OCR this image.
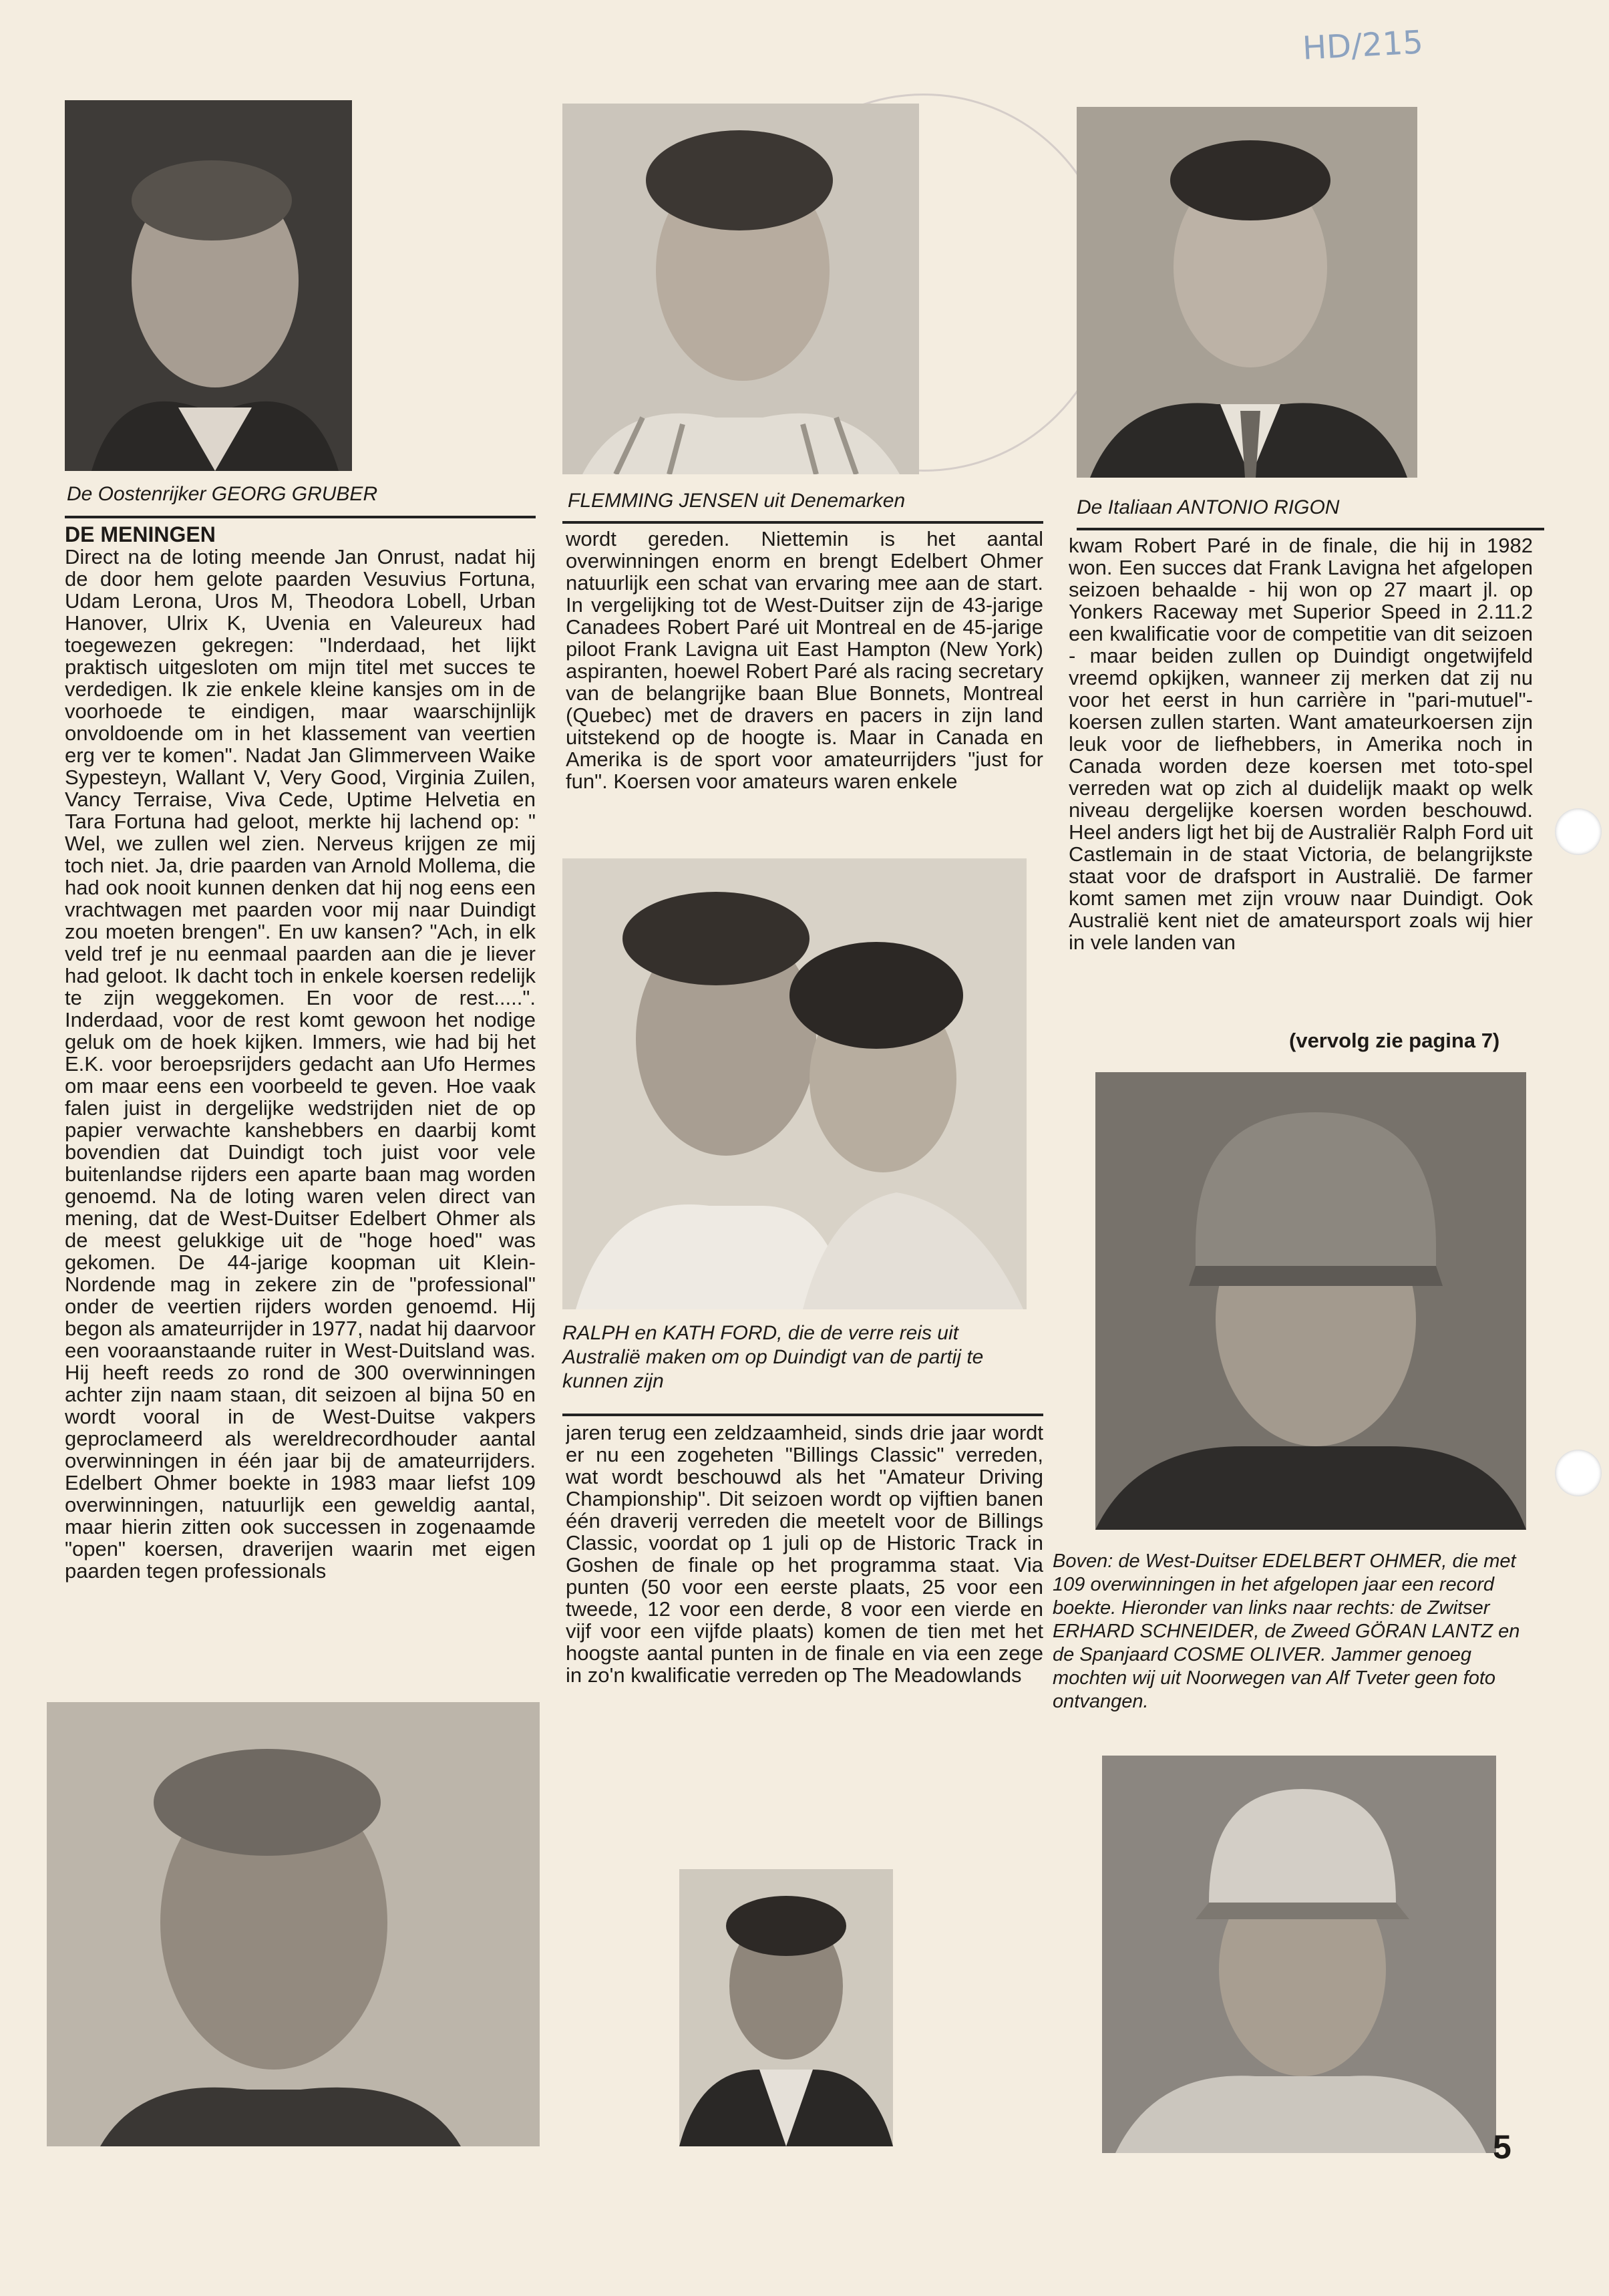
HD/215
De Oostenrijker GEORG GRUBER	FLEMMING JENSEN uit Denemarken	De Italiaan ANTONIO RIGON

DE MENINGEN

Direct na de loting meende Jan Onrust, nadat hij de door hem gelote paarden Vesuvius Fortuna, Udam Lerona, Uros M, Theodora Lobell, Urban Hanover, Ulrix K, Uvenia en Valeureux had toegewezen gekregen: "Inderdaad, het lijkt praktisch uitgesloten om mijn titel met succes te verdedigen. Ik zie enkele kleine kansjes om in de voorhoede te eindigen, maar waarschijnlijk onvoldoende om in het klassement van veertien erg ver te komen". Nadat Jan Glimmerveen Waike Sypesteyn, Wallant V, Very Good, Virginia Zuilen, Vancy Terraise, Viva Cede, Uptime Helvetia en Tara Fortuna had geloot, merkte hij lachend op: " Wel, we zullen wel zien. Nerveus krijgen ze mij toch niet. Ja, drie paarden van Arnold Mollema, die had ook nooit kunnen denken dat hij nog eens een vrachtwagen met paarden voor mij naar Duindigt zou moeten brengen". En uw kansen? "Ach, in elk veld tref je nu eenmaal paarden aan die je liever had geloot. Ik dacht toch in enkele koersen redelijk te zijn weggekomen. En voor de rest.....". Inderdaad, voor de rest komt gewoon het nodige geluk om de hoek kijken. Immers, wie had bij het E.K. voor beroepsrijders gedacht aan Ufo Hermes om maar eens een voorbeeld te geven. Hoe vaak falen juist in dergelijke wedstrijden niet de op papier verwachte kanshebbers en daarbij komt bovendien dat Duindigt toch juist voor vele buitenlandse rijders een aparte baan mag worden genoemd. Na de loting waren velen direct van mening, dat de West-Duitser Edelbert Ohmer als de meest gelukkige uit de "hoge hoed" was gekomen. De 44-jarige koopman uit Klein-Nordende mag in zekere zin de "professional" onder de veertien rijders worden genoemd. Hij begon als amateurrijder in 1977, nadat hij daarvoor een vooraanstaande ruiter in West-Duitsland was. Hij heeft reeds zo rond de 300 overwinningen achter zijn naam staan, dit seizoen al bijna 50 en wordt vooral in de West-Duitse vakpers geproclameerd als wereldrecordhouder aantal overwinningen in één jaar bij de amateurrijders. Edelbert Ohmer boekte in 1983 maar liefst 109 overwinningen, natuurlijk een geweldig aantal, maar hierin zitten ook successen in zogenaamde "open" koersen, draverijen waarin met eigen paarden tegen professionals

wordt gereden. Niettemin is het aantal overwinningen enorm en brengt Edelbert Ohmer natuurlijk een schat van ervaring mee aan de start. In vergelijking tot de West-Duitser zijn de 43-jarige Canadees Robert Paré uit Montreal en de 45-jarige piloot Frank Lavigna uit East Hampton (New York) aspiranten, hoewel Robert Paré als racing secretary van de belangrijke baan Blue Bonnets, Montreal (Quebec) met de dravers en pacers in zijn land uitstekend op de hoogte is. Maar in Canada en Amerika is de sport voor amateurrijders "just for fun". Koersen voor amateurs waren enkele

RALPH en KATH FORD, die de verre reis uit Australië maken om op Duindigt van de partij te kunnen zijn

jaren terug een zeldzaamheid, sinds drie jaar wordt er nu een zogeheten "Billings Classic" verreden, wat wordt beschouwd als het "Amateur Driving Championship". Dit seizoen wordt op vijftien banen één draverij verreden die meetelt voor de Billings Classic, voordat op 1 juli op de Historic Track in Goshen de finale op het programma staat. Via punten (50 voor een eerste plaats, 25 voor een tweede, 12 voor een derde, 8 voor een vierde en vijf voor een vijfde plaats) komen de tien met het hoogste aantal punten in de finale en via een zege in zo'n kwalificatie verreden op The Meadowlands

kwam Robert Paré in de finale, die hij in 1982 won. Een succes dat Frank Lavigna het afgelopen seizoen behaalde - hij won op 27 maart jl. op Yonkers Raceway met Superior Speed in 2.11.2 een kwalificatie voor de competitie van dit seizoen - maar beiden zullen op Duindigt ongetwijfeld vreemd opkijken, wanneer zij merken dat zij nu voor het eerst in hun carrière in "pari-mutuel"- koersen zullen starten. Want amateurkoersen zijn leuk voor de liefhebbers, in Amerika noch in Canada worden deze koersen met toto-spel verreden wat op zich al duidelijk maakt op welk niveau dergelijke koersen worden beschouwd. Heel anders ligt het bij de Australiër Ralph Ford uit Castlemain in de staat Victoria, de belangrijkste staat voor de drafsport in Australië. De farmer komt samen met zijn vrouw naar Duindigt. Ook Australië kent niet de amateursport zoals wij hier in vele landen van

(vervolg zie pagina 7)
Boven: de West-Duitser EDELBERT OHMER, die met 109 overwinningen in het afgelopen jaar een record boekte. Hieronder van links naar rechts: de Zwitser ERHARD SCHNEIDER, de Zweed GÖRAN LANTZ en de Spanjaard COSME OLIVER. Jammer genoeg mochten wij uit Noorwegen van Alf Tveter geen foto ontvangen.
5
